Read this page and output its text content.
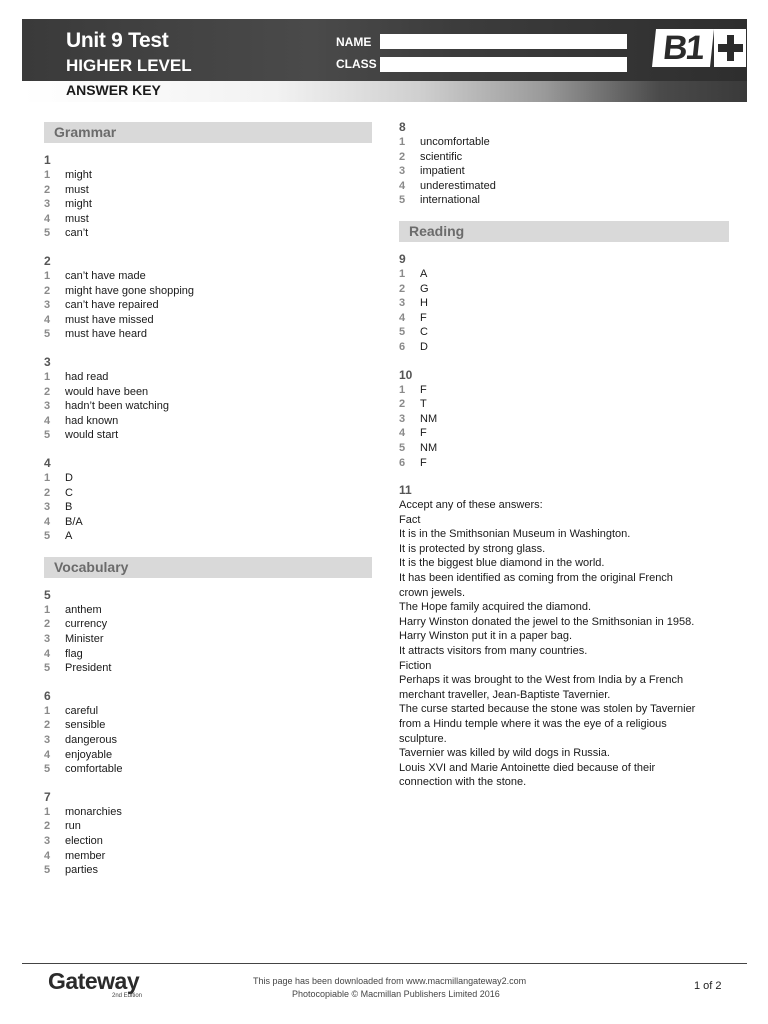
Unit 9 Test
HIGHER LEVEL
NAME
CLASS	B1
ANSWER KEY
Grammar
1
1 might
2 must
3 might
4 must
5 can’t
2
1 can’t have made
2 might have gone shopping
3 can’t have repaired
4 must have missed
5 must have heard
3
1 had read
2 would have been
3 hadn’t been watching
4 had known
5 would start
4
1 D
2 C
3 B
4 B/A
5 A
Vocabulary
5
1 anthem
2 currency
3 Minister
4 flag
5 President
6
1 careful
2 sensible
3 dangerous
4 enjoyable
5 comfortable
7
1 monarchies
2 run
3 election
4 member
5 parties
8
1 uncomfortable
2 scientific
3 impatient
4 underestimated
5 international
Reading
9
1 A
2 G
3 H
4 F
5 C
6 D
10
1 F
2 T
3 NM
4 F
5 NM
6 F
11
Accept any of these answers:
Fact
It is in the Smithsonian Museum in Washington.
It is protected by strong glass.
It is the biggest blue diamond in the world.
It has been identified as coming from the original French
crown jewels.
The Hope family acquired the diamond.
Harry Winston donated the jewel to the Smithsonian in 1958.
Harry Winston put it in a paper bag.
It attracts visitors from many countries.
Fiction
Perhaps it was brought to the West from India by a French
merchant traveller, Jean-Baptiste Tavernier.
The curse started because the stone was stolen by Tavernier
from a Hindu temple where it was the eye of a religious
sculpture.
Tavernier was killed by wild dogs in Russia.
Louis XVI and Marie Antoinette died because of their
connection with the stone.
Gateway
2nd Edition
This page has been downloaded from www.macmillangateway2.com
Photocopiable © Macmillan Publishers Limited 2016
1 of 2
